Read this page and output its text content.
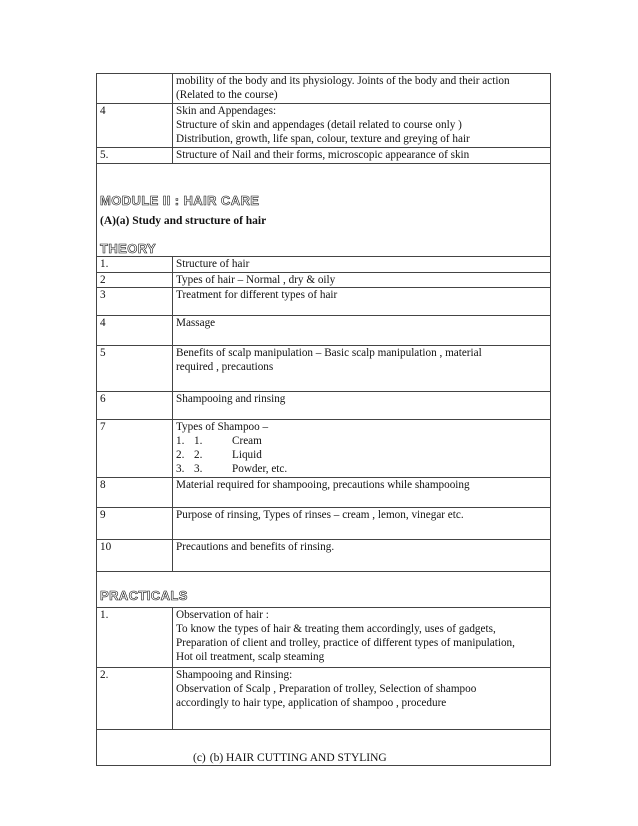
	mobility of the body and its physiology. Joints of the body and their action
(Related to the course)

4	Skin and Appendages:
Structure of skin and appendages (detail related to course only )
Distribution, growth, life span, colour, texture and greying of hair

5.	Structure of Nail and their forms, microscopic appearance of skin

MODULE II : HAIR CARE
(A)(a) Study and structure of hair
THEORY	

1.	Structure of hair

2	Types of hair – Normal , dry & oily

3	Treatment for different types of hair

4	Massage

5	Benefits of scalp manipulation – Basic scalp manipulation , material
required , precautions

6	Shampooing and rinsing

7	Types of Shampoo –
1. 1. Cream
2. 2. Liquid
3. 3. Powder, etc.

8	Material required for shampooing, precautions while shampooing

9	Purpose of rinsing, Types of rinses – cream , lemon, vinegar etc.

10	Precautions and benefits of rinsing.

PRACTICALS	

1.	Observation of hair :
To know the types of hair & treating them accordingly, uses of gadgets,
Preparation of client and trolley, practice of different types of manipulation,
Hot oil treatment, scalp steaming

2.	Shampooing and Rinsing:
Observation of Scalp , Preparation of trolley, Selection of shampoo
accordingly to hair type, application of shampoo , procedure

(c) (b) HAIR CUTTING AND STYLING	
